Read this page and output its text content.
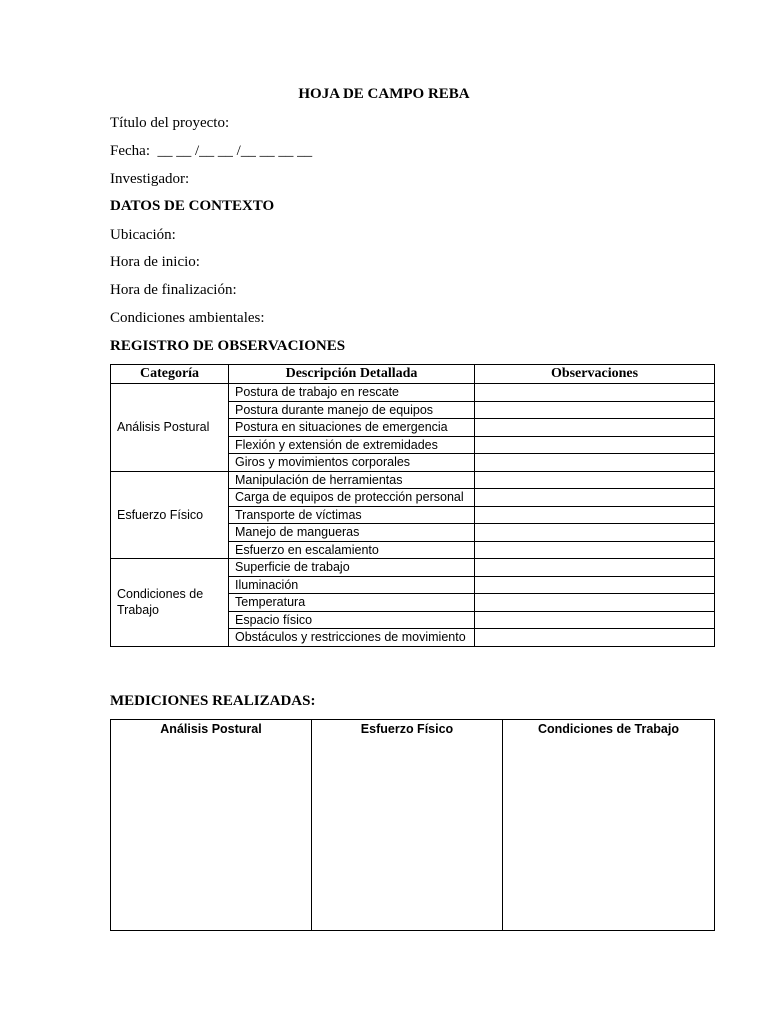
HOJA DE CAMPO REBA
Título del proyecto:
Fecha:  __ __ /__ __ /__ __ __ __
Investigador:
DATOS DE CONTEXTO
Ubicación:
Hora de inicio:
Hora de finalización:
Condiciones ambientales:
REGISTRO DE OBSERVACIONES
Categoría	Descripción Detallada	Observaciones
Análisis Postural	Postura de trabajo en rescate	
	Postura durante manejo de equipos	
	Postura en situaciones de emergencia	
	Flexión y extensión de extremidades	
	Giros y movimientos corporales	
Esfuerzo Físico	Manipulación de herramientas	
	Carga de equipos de protección personal	
	Transporte de víctimas	
	Manejo de mangueras	
	Esfuerzo en escalamiento	
Condiciones de Trabajo	Superficie de trabajo	
	Iluminación	
	Temperatura	
	Espacio físico	
	Obstáculos y restricciones de movimiento	
MEDICIONES REALIZADAS:
Análisis Postural	Esfuerzo Físico	Condiciones de Trabajo
